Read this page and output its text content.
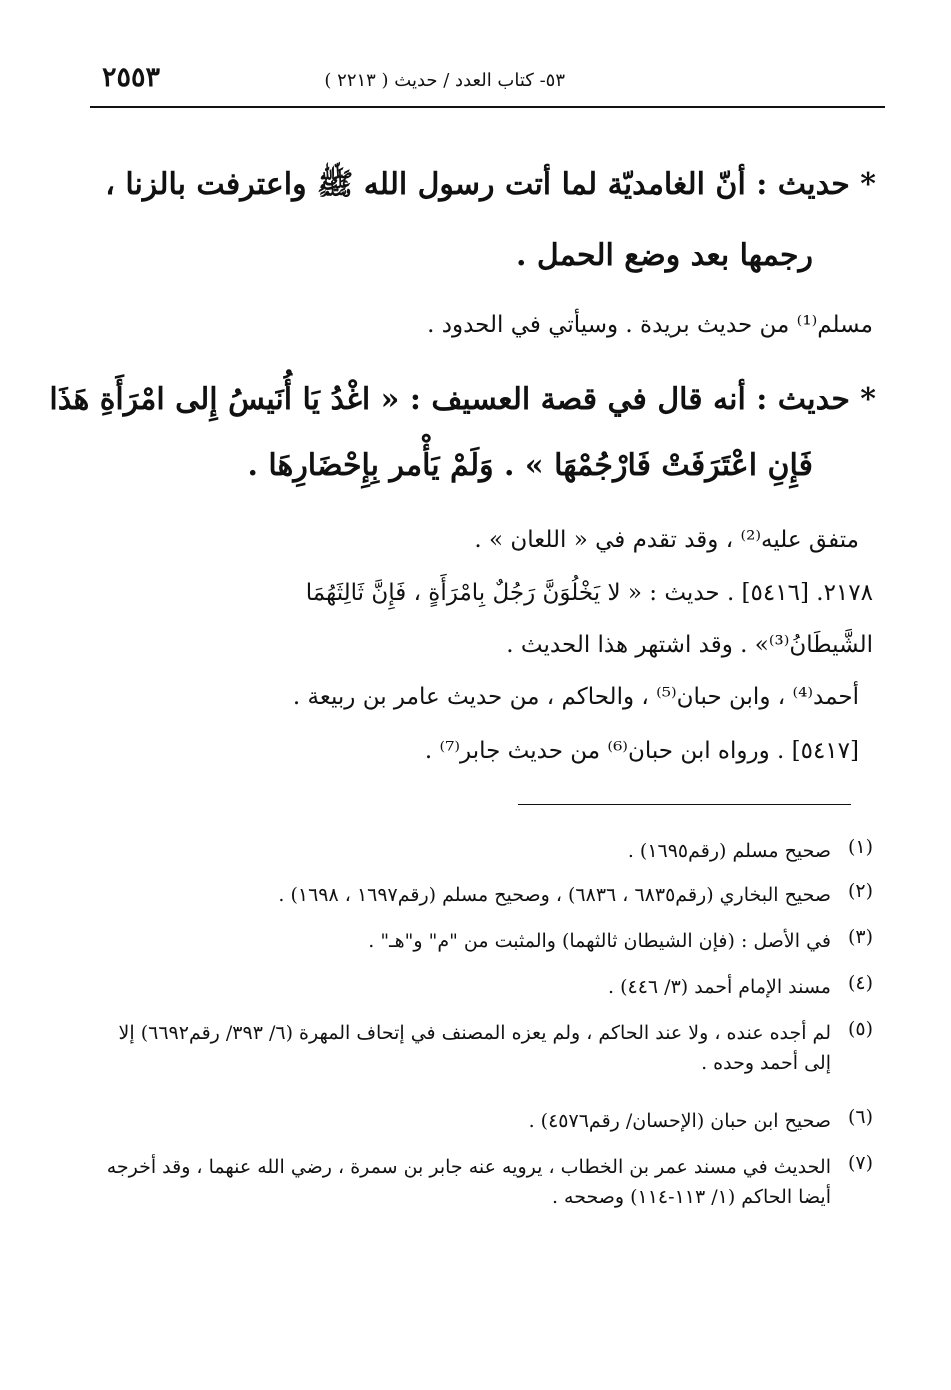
٥٣- كتاب العدد / حديث ( ٢٢١٣ )
٢٥٥٣
* حديث : أنّ الغامديّة لما أتت رسول الله ﷺ واعترفت بالزنا ،
رجمها بعد وضع الحمل .
مسلم⁽¹⁾ من حديث بريدة . وسيأتي في الحدود .
* حديث : أنه قال في قصة العسيف : « اغْدُ يَا أُنَيسُ إِلى امْرَأَةِ هَذَا
فَإِنِ اعْتَرَفَتْ فَارْجُمْهَا » . وَلَمْ يَأْمر بِإِحْضَارِهَا .
متفق عليه⁽²⁾ ، وقد تقدم في « اللعان » .
٢١٧٨. [٥٤١٦] . حديث : « لا يَخْلُوَنَّ رَجُلٌ بِامْرَأَةٍ ، فَإِنَّ ثَالِثَهُمَا
الشَّيطَانُ⁽³⁾» . وقد اشتهر هذا الحديث .
أحمد⁽⁴⁾ ، وابن حبان⁽⁵⁾ ، والحاكم ، من حديث عامر بن ربيعة .
[٥٤١٧] . ورواه ابن حبان⁽⁶⁾ من حديث جابر⁽⁷⁾ .
(١)
صحيح مسلم (رقم١٦٩٥) .
(٢)
صحيح البخاري (رقم٦٨٣٥ ، ٦٨٣٦) ، وصحيح مسلم (رقم١٦٩٧ ، ١٦٩٨) .
(٣)
في الأصل : (فإن الشيطان ثالثهما) والمثبت من "م" و"هـ" .
(٤)
مسند الإمام أحمد (٣/ ٤٤٦) .
(٥)
لم أجده عنده ، ولا عند الحاكم ، ولم يعزه المصنف في إتحاف المهرة (٦/ ٣٩٣/ رقم٦٦٩٢) إلا إلى أحمد وحده .
(٦)
صحيح ابن حبان (الإحسان/ رقم٤٥٧٦) .
(٧)
الحديث في مسند عمر بن الخطاب ، يرويه عنه جابر بن سمرة ، رضي الله عنهما ، وقد أخرجه أيضا الحاكم (١/ ١١٣-١١٤) وصححه .
